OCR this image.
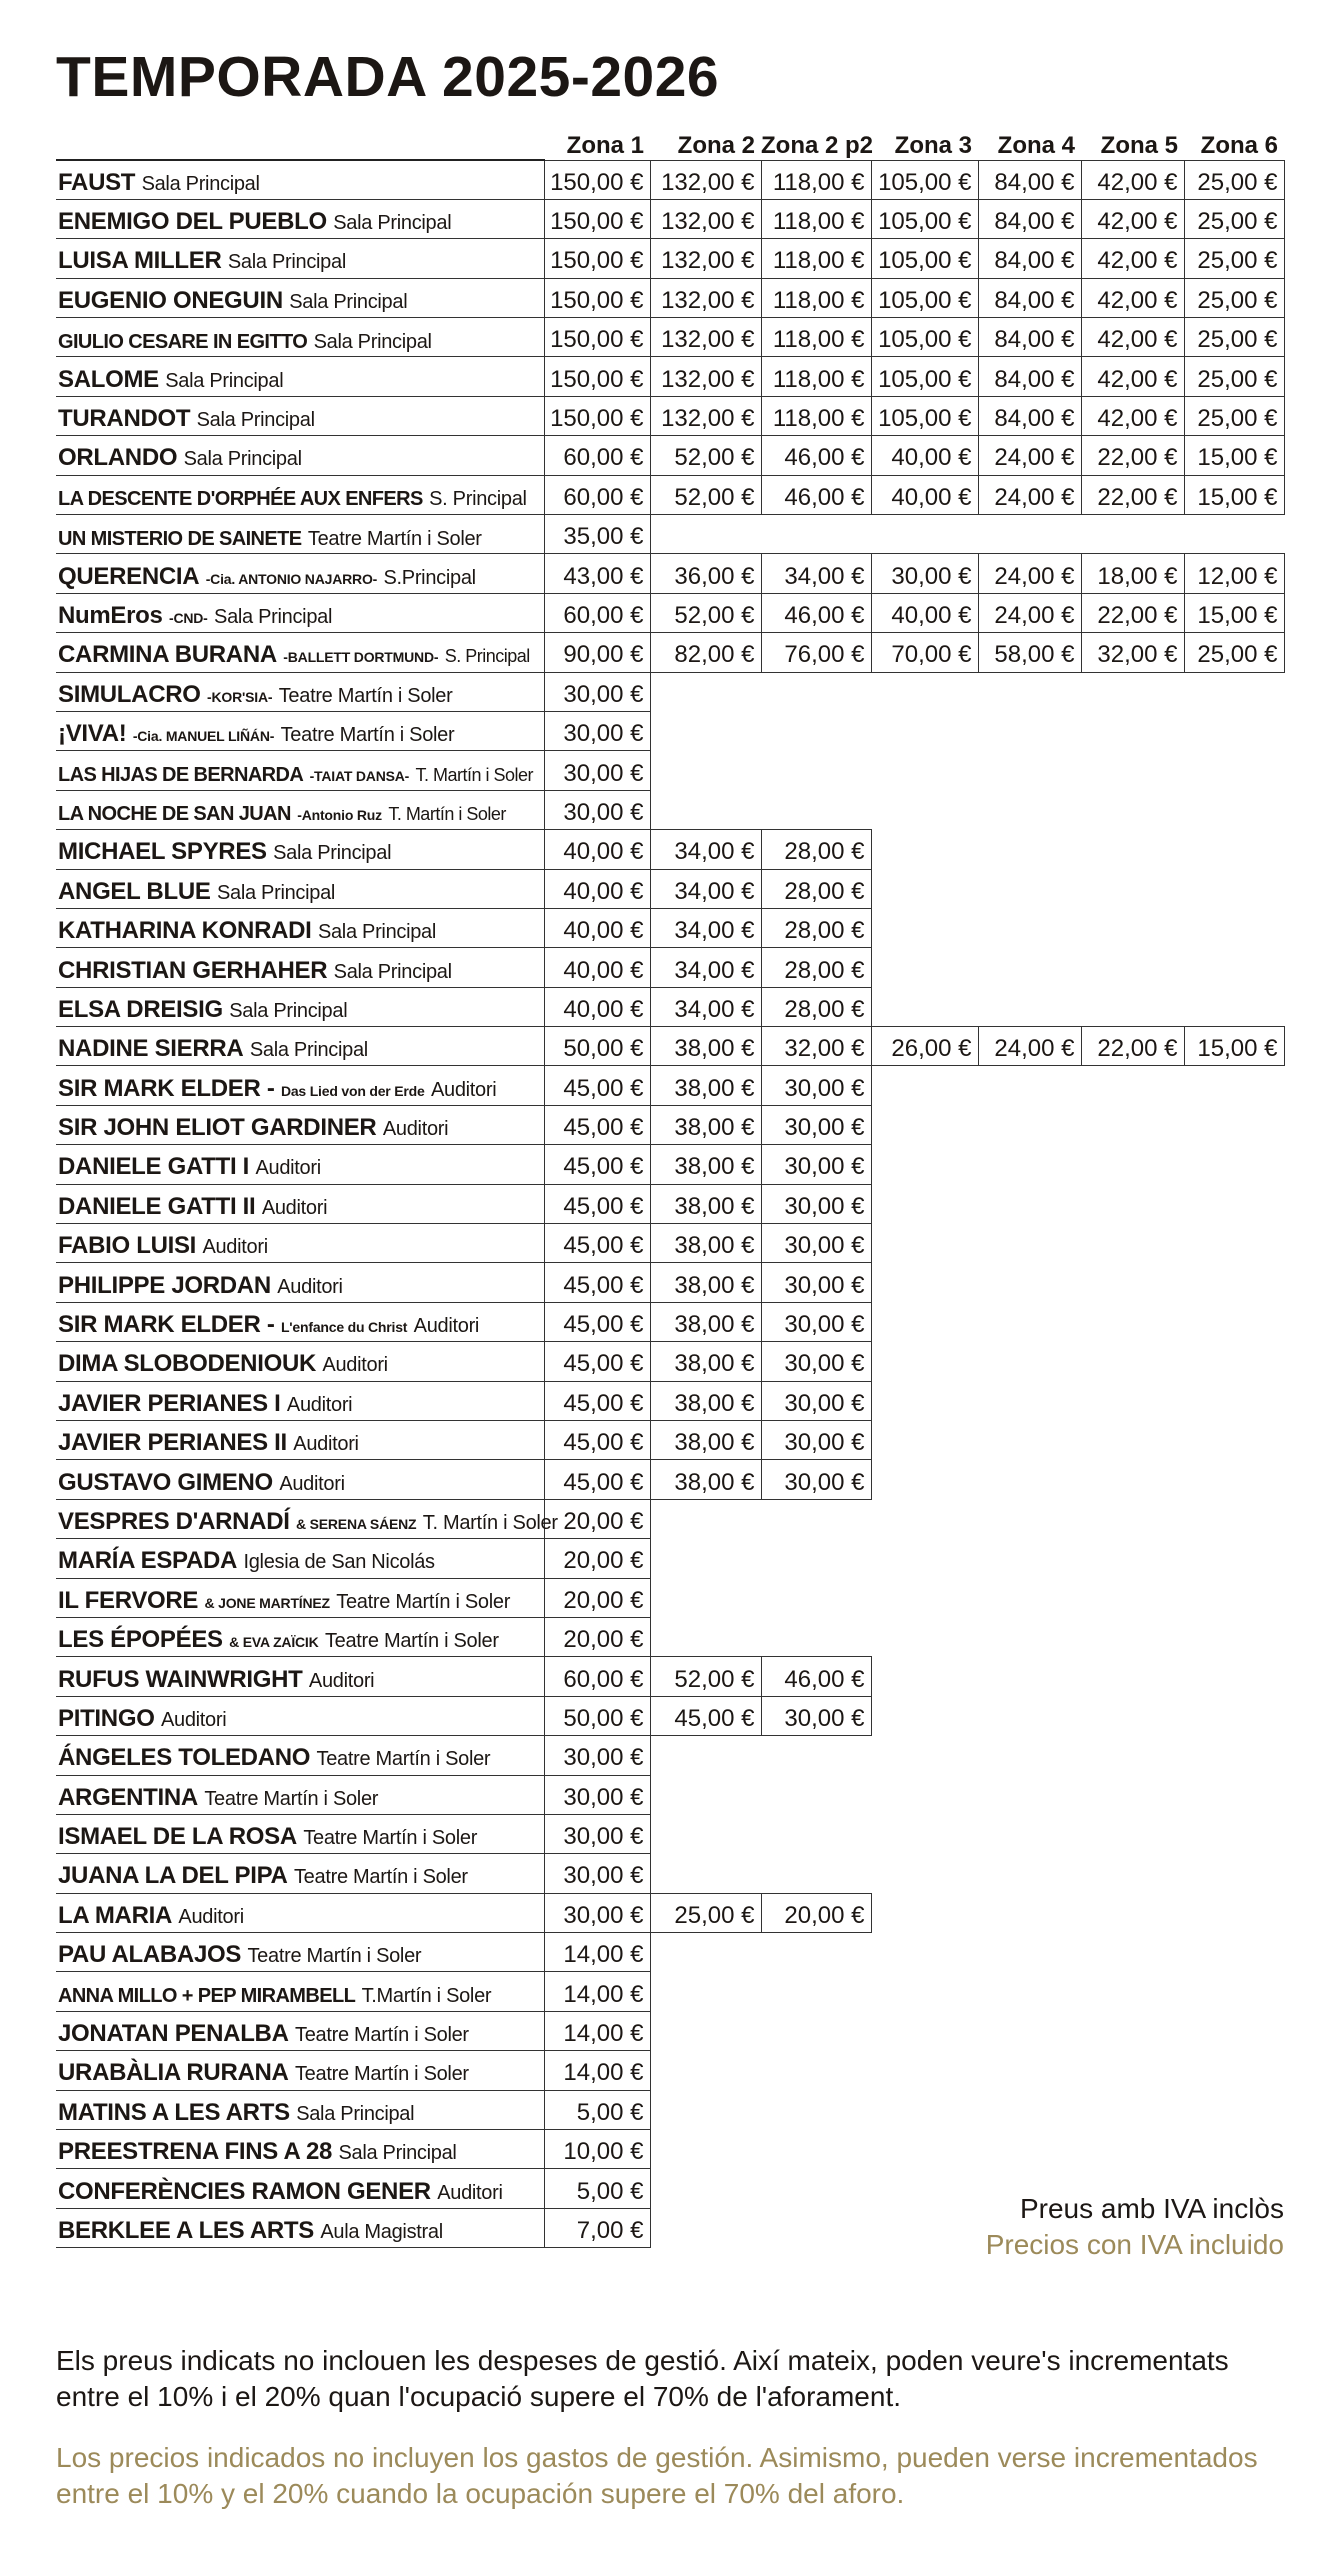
TEMPORADA 2025-2026
	Zona 1	Zona 2	Zona 2 p2	Zona 3	Zona 4	Zona 5	Zona 6
FAUST Sala Principal	150,00 €	132,00 €	118,00 €	105,00 €	84,00 €	42,00 €	25,00 €
ENEMIGO DEL PUEBLO Sala Principal	150,00 €	132,00 €	118,00 €	105,00 €	84,00 €	42,00 €	25,00 €
LUISA MILLER Sala Principal	150,00 €	132,00 €	118,00 €	105,00 €	84,00 €	42,00 €	25,00 €
EUGENIO ONEGUIN Sala Principal	150,00 €	132,00 €	118,00 €	105,00 €	84,00 €	42,00 €	25,00 €
GIULIO CESARE IN EGITTO Sala Principal	150,00 €	132,00 €	118,00 €	105,00 €	84,00 €	42,00 €	25,00 €
SALOME Sala Principal	150,00 €	132,00 €	118,00 €	105,00 €	84,00 €	42,00 €	25,00 €
TURANDOT Sala Principal	150,00 €	132,00 €	118,00 €	105,00 €	84,00 €	42,00 €	25,00 €
ORLANDO Sala Principal	60,00 €	52,00 €	46,00 €	40,00 €	24,00 €	22,00 €	15,00 €
LA DESCENTE D'ORPHÉE AUX ENFERS S. Principal	60,00 €	52,00 €	46,00 €	40,00 €	24,00 €	22,00 €	15,00 €
UN MISTERIO DE SAINETE Teatre Martín i Soler	35,00 €						
QUERENCIA -Cia. ANTONIO NAJARRO- S.Principal	43,00 €	36,00 €	34,00 €	30,00 €	24,00 €	18,00 €	12,00 €
NumEros -CND- Sala Principal	60,00 €	52,00 €	46,00 €	40,00 €	24,00 €	22,00 €	15,00 €
CARMINA BURANA -BALLETT DORTMUND- S. Principal	90,00 €	82,00 €	76,00 €	70,00 €	58,00 €	32,00 €	25,00 €
SIMULACRO -KOR'SIA- Teatre Martín i Soler	30,00 €						
¡VIVA! -Cia. MANUEL LIÑÁN- Teatre Martín i Soler	30,00 €						
LAS HIJAS DE BERNARDA -TAIAT DANSA- T. Martín i Soler	30,00 €						
LA NOCHE DE SAN JUAN -Antonio Ruz T. Martín i Soler	30,00 €						
MICHAEL SPYRES Sala Principal	40,00 €	34,00 €	28,00 €				
ANGEL BLUE Sala Principal	40,00 €	34,00 €	28,00 €				
KATHARINA KONRADI Sala Principal	40,00 €	34,00 €	28,00 €				
CHRISTIAN GERHAHER Sala Principal	40,00 €	34,00 €	28,00 €				
ELSA DREISIG Sala Principal	40,00 €	34,00 €	28,00 €				
NADINE SIERRA Sala Principal	50,00 €	38,00 €	32,00 €	26,00 €	24,00 €	22,00 €	15,00 €
SIR MARK ELDER - Das Lied von der Erde Auditori	45,00 €	38,00 €	30,00 €				
SIR JOHN ELIOT GARDINER Auditori	45,00 €	38,00 €	30,00 €				
DANIELE GATTI I Auditori	45,00 €	38,00 €	30,00 €				
DANIELE GATTI II Auditori	45,00 €	38,00 €	30,00 €				
FABIO LUISI Auditori	45,00 €	38,00 €	30,00 €				
PHILIPPE JORDAN Auditori	45,00 €	38,00 €	30,00 €				
SIR MARK ELDER - L'enfance du Christ Auditori	45,00 €	38,00 €	30,00 €				
DIMA SLOBODENIOUK Auditori	45,00 €	38,00 €	30,00 €				
JAVIER PERIANES I Auditori	45,00 €	38,00 €	30,00 €				
JAVIER PERIANES II Auditori	45,00 €	38,00 €	30,00 €				
GUSTAVO GIMENO Auditori	45,00 €	38,00 €	30,00 €				
VESPRES D'ARNADÍ & SERENA SÁENZ T. Martín i Soler	20,00 €						
MARÍA ESPADA Iglesia de San Nicolás	20,00 €						
IL FERVORE & JONE MARTÍNEZ Teatre Martín i Soler	20,00 €						
LES ÉPOPÉES & EVA ZAÏCIK Teatre Martín i Soler	20,00 €						
RUFUS WAINWRIGHT Auditori	60,00 €	52,00 €	46,00 €				
PITINGO Auditori	50,00 €	45,00 €	30,00 €				
ÁNGELES TOLEDANO Teatre Martín i Soler	30,00 €						
ARGENTINA Teatre Martín i Soler	30,00 €						
ISMAEL DE LA ROSA Teatre Martín i Soler	30,00 €						
JUANA LA DEL PIPA Teatre Martín i Soler	30,00 €						
LA MARIA Auditori	30,00 €	25,00 €	20,00 €				
PAU ALABAJOS Teatre Martín i Soler	14,00 €						
ANNA MILLO + PEP MIRAMBELL T.Martín i Soler	14,00 €						
JONATAN PENALBA Teatre Martín i Soler	14,00 €						
URABÀLIA RURANA Teatre Martín i Soler	14,00 €						
MATINS A LES ARTS Sala Principal	5,00 €						
PREESTRENA FINS A 28 Sala Principal	10,00 €						
CONFERÈNCIES RAMON GENER Auditori	5,00 €						
BERKLEE A LES ARTS Aula Magistral	7,00 €						
Preus amb IVA inclòs
Precios con IVA incluido

Els preus indicats no inclouen les despeses de gestió. Així mateix, poden veure's incrementats entre el 10% i el 20% quan l'ocupació supere el 70% de l'aforament.

Los precios indicados no incluyen los gastos de gestión. Asimismo, pueden verse incrementados entre el 10% y el 20% cuando la ocupación supere el 70% del aforo.
